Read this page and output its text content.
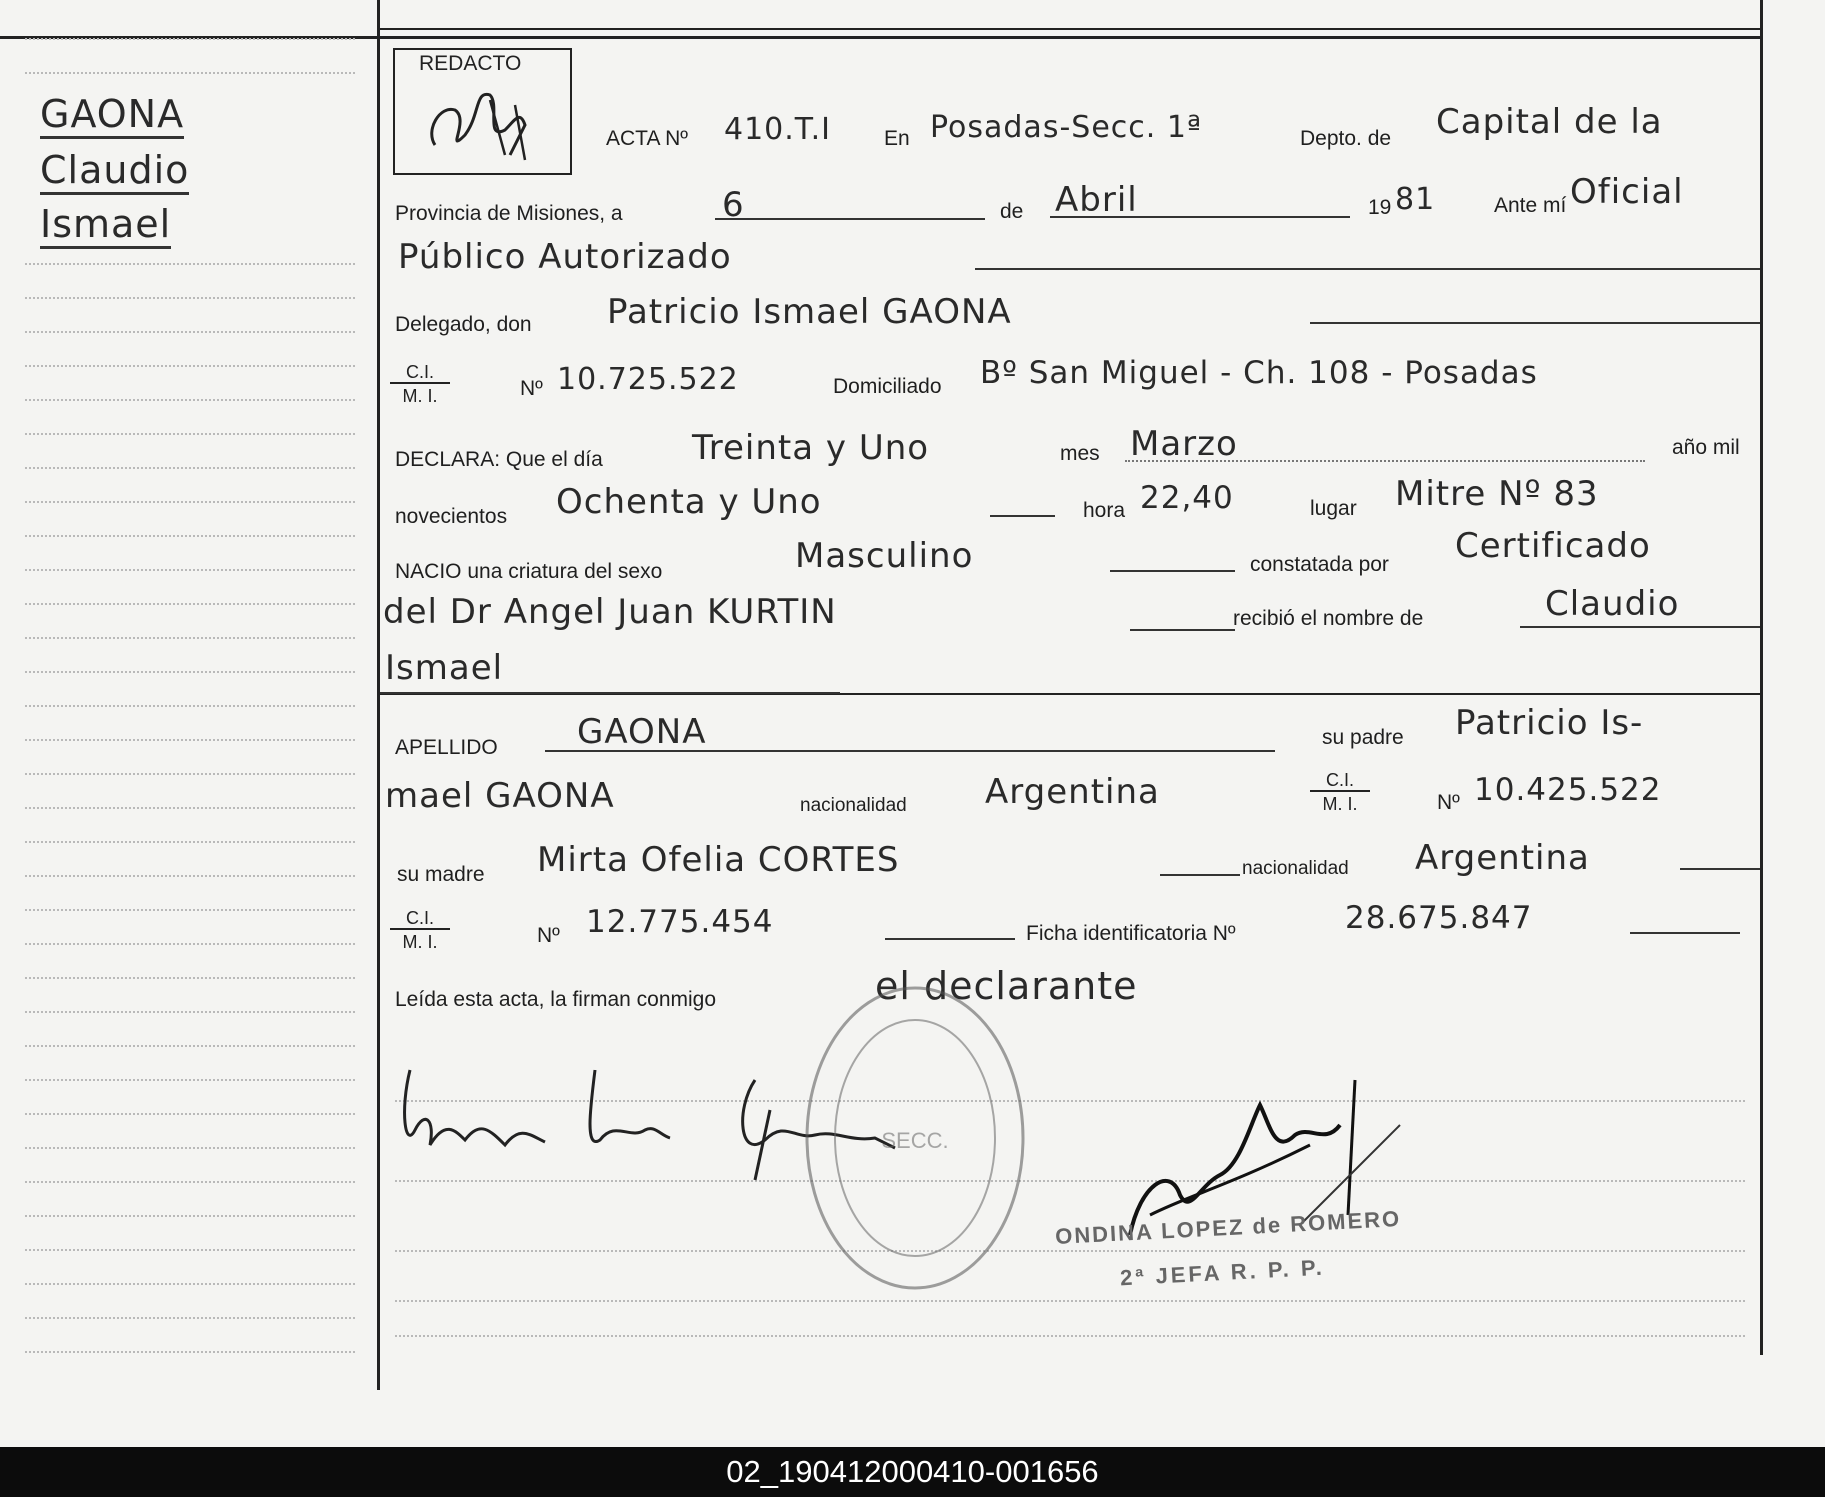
GAONA
Claudio
Ismael
REDACTO
ACTA Nº 410.T.I	En Posadas-Secc. 1ª	Depto. de Capital de la
Provincia de Misiones, a	6	de Abril	19 81	Ante mí Oficial
Público Autorizado
Delegado, don Patricio Ismael GAONA
$\frac{C.I.}{M. I.}$	Nº 10.725.522	Domiciliado Bº San Miguel - Ch. 108 - Posadas
DECLARA: Que el día	Treinta y Uno	mes Marzo	año mil
novecientos Ochenta y Uno	hora 22,40	lugar Mitre Nº 83
NACIO una criatura del sexo	Masculino	constatada por Certificado
del Dr Angel Juan KURTIN	recibió el nombre de	Claudio
Ismael
APELLIDO GAONA	su padre Patricio Is-
mael GAONA	nacionalidad Argentina	$\frac{C.I.}{M. I.}$	Nº 10.425.522
su madre Mirta Ofelia CORTES	nacionalidad Argentina
$\frac{C.I.}{M. I.}$	Nº 12.775.454	Ficha identificatoria Nº	28.675.847
Leída esta acta, la firman conmigo	el declarante
SECC.
ONDINA LOPEZ de ROMERO
2ª JEFA R. P. P.
02_190412000410-001656
